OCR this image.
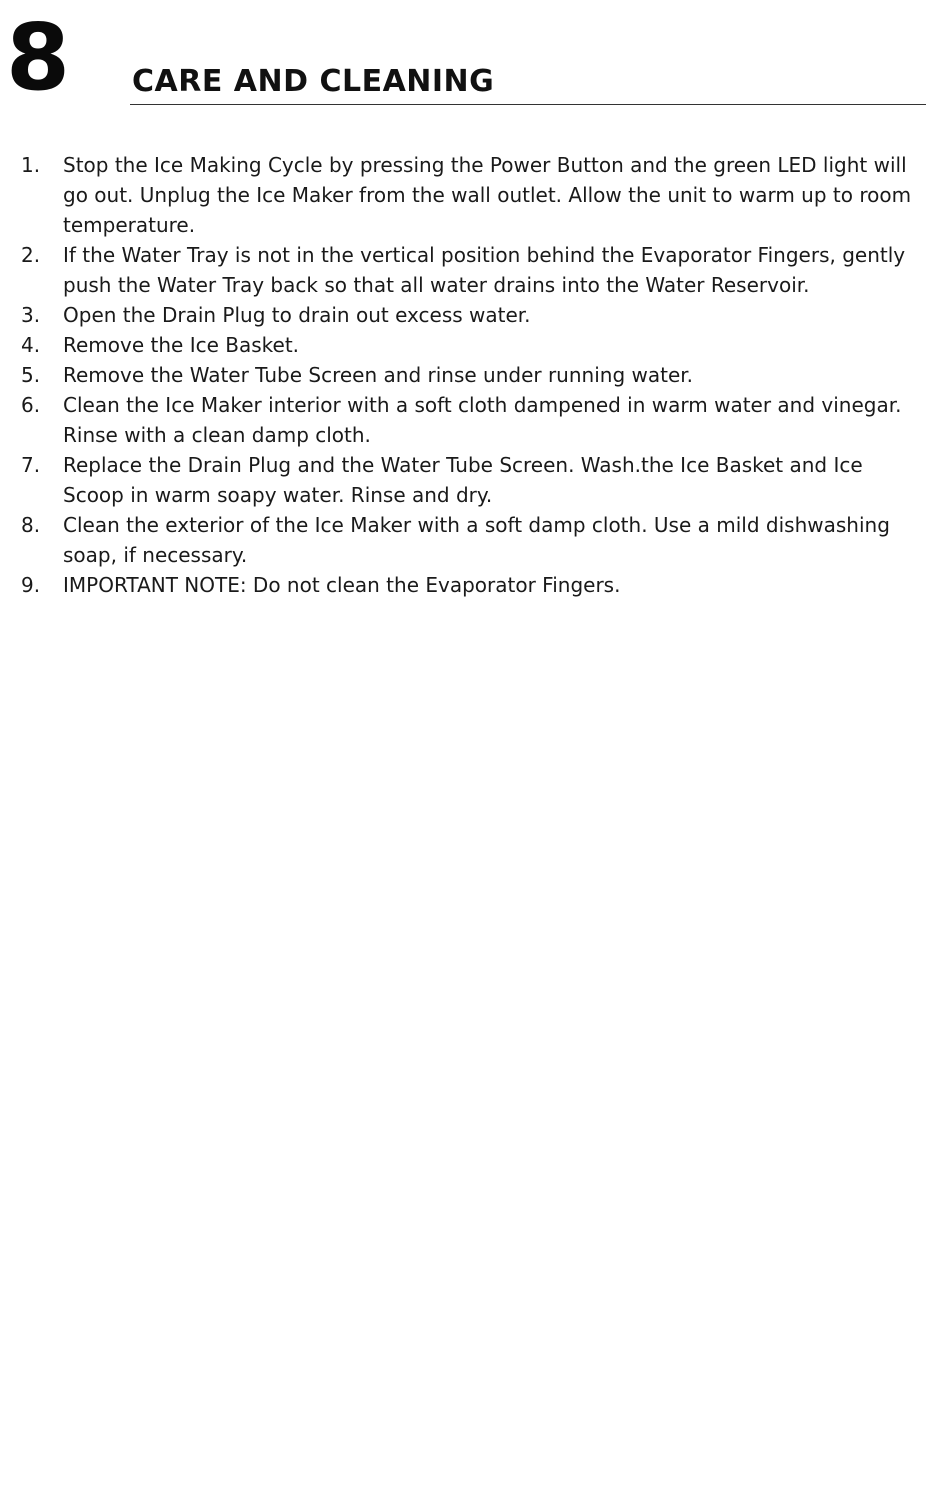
8 CARE AND CLEANING
1.	Stop the Ice Making Cycle by pressing the Power Button and the green LED light will go out. Unplug the Ice Maker from the wall outlet. Allow the unit to warm up to room temperature.
2.	If the Water Tray is not in the vertical position behind the Evaporator Fingers, gently push the Water Tray back so that all water drains into the Water Reservoir.
3.	Open the Drain Plug to drain out excess water.
4.	Remove the Ice Basket.
5.	Remove the Water Tube Screen and rinse under running water.
6.	Clean the Ice Maker interior with a soft cloth dampened in warm water and vinegar. Rinse with a clean damp cloth.
7.	Replace the Drain Plug and the Water Tube Screen. Wash.the Ice Basket and Ice Scoop in warm soapy water. Rinse and dry.
8.	Clean the exterior of the Ice Maker with a soft damp cloth. Use a mild dishwashing soap, if necessary.
9.	IMPORTANT NOTE: Do not clean the Evaporator Fingers.
